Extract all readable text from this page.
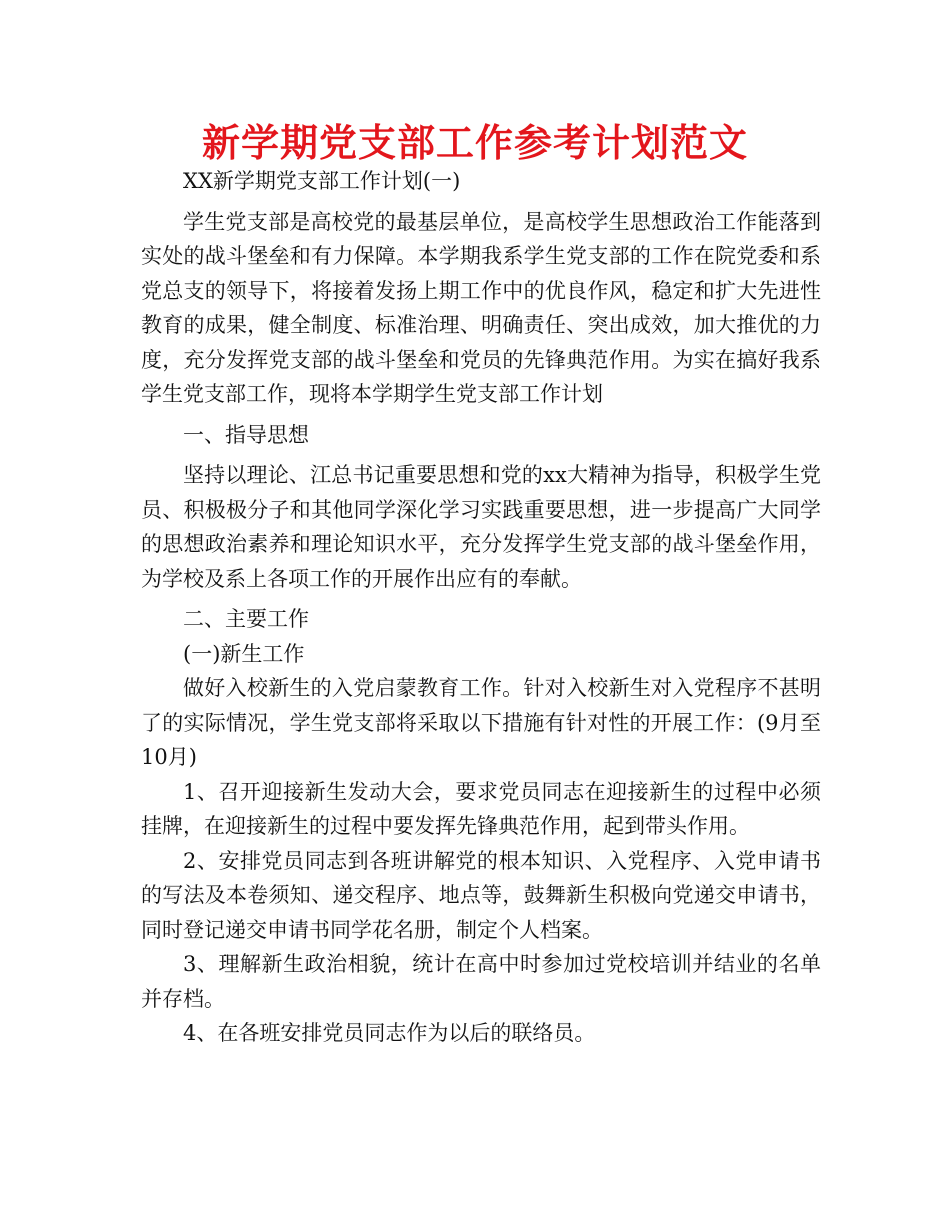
新学期党支部工作参考计划范文

XX新学期党支部工作计划(一)

学生党支部是高校党的最基层单位，是高校学生思想政治工作能落到实处的战斗堡垒和有力保障。本学期我系学生党支部的工作在院党委和系党总支的领导下，将接着发扬上期工作中的优良作风，稳定和扩大先进性教育的成果，健全制度、标准治理、明确责任、突出成效，加大推优的力度，充分发挥党支部的战斗堡垒和党员的先锋典范作用。为实在搞好我系学生党支部工作，现将本学期学生党支部工作计划

一、指导思想

坚持以理论、江总书记重要思想和党的xx大精神为指导，积极学生党员、积极极分子和其他同学深化学习实践重要思想，进一步提高广大同学的思想政治素养和理论知识水平，充分发挥学生党支部的战斗堡垒作用，为学校及系上各项工作的开展作出应有的奉献。

二、主要工作

(一)新生工作

做好入校新生的入党启蒙教育工作。针对入校新生对入党程序不甚明了的实际情况，学生党支部将采取以下措施有针对性的开展工作：(9月至10月)

1、召开迎接新生发动大会，要求党员同志在迎接新生的过程中必须挂牌，在迎接新生的过程中要发挥先锋典范作用，起到带头作用。

2、安排党员同志到各班讲解党的根本知识、入党程序、入党申请书的写法及本卷须知、递交程序、地点等，鼓舞新生积极向党递交申请书，同时登记递交申请书同学花名册，制定个人档案。

3、理解新生政治相貌，统计在高中时参加过党校培训并结业的名单并存档。

4、在各班安排党员同志作为以后的联络员。
